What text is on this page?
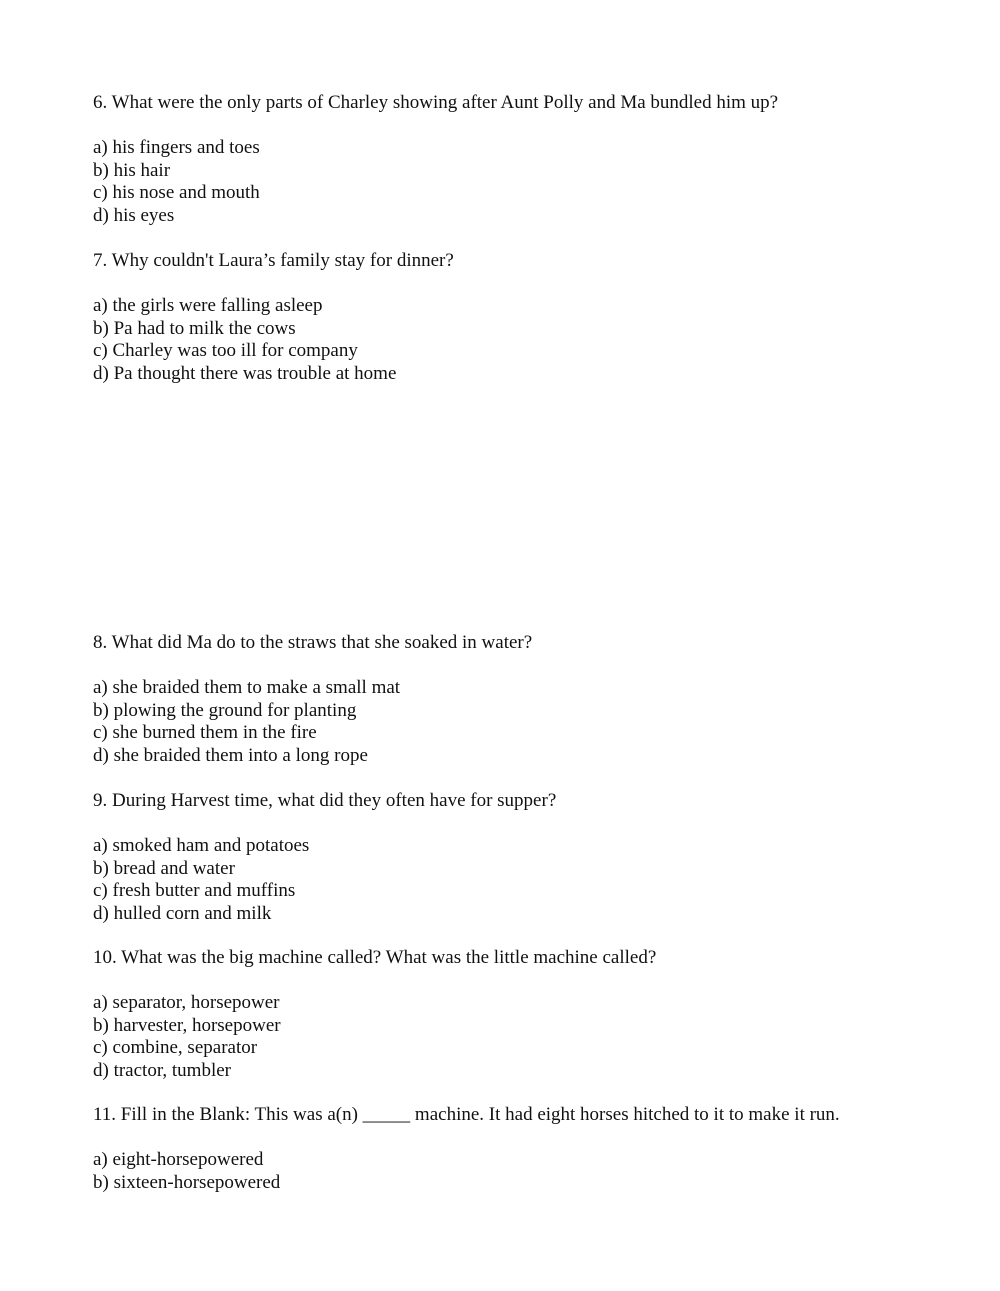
6. What were the only parts of Charley showing after Aunt Polly and Ma bundled him up?

a) his fingers and toes
b) his hair
c) his nose and mouth
d) his eyes

7. Why couldn't Laura’s family stay for dinner?

a) the girls were falling asleep
b) Pa had to milk the cows
c) Charley was too ill for company
d) Pa thought there was trouble at home

8. What did Ma do to the straws that she soaked in water?

a) she braided them to make a small mat
b) plowing the ground for planting
c) she burned them in the fire
d) she braided them into a long rope

9. During Harvest time, what did they often have for supper?

a) smoked ham and potatoes
b) bread and water
c) fresh butter and muffins
d) hulled corn and milk

10. What was the big machine called? What was the little machine called?

a) separator, horsepower
b) harvester, horsepower
c) combine, separator
d) tractor, tumbler

11. Fill in the Blank: This was a(n) _____ machine. It had eight horses hitched to it to make it run.

a) eight-horsepowered
b) sixteen-horsepowered
